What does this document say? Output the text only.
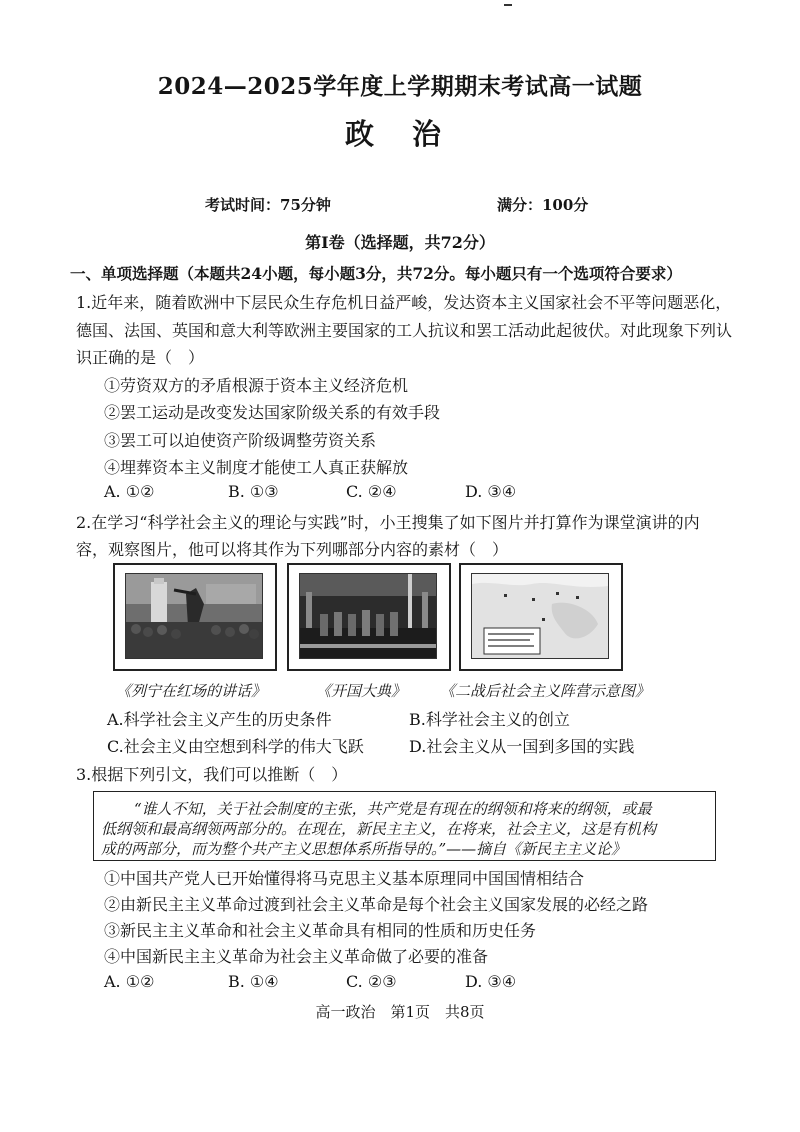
2024—2025学年度上学期期末考试高一试题
政 治
考试时间：75分钟	满分：100分
第Ⅰ卷（选择题，共72分）
一、单项选择题（本题共24小题，每小题3分，共72分。每小题只有一个选项符合要求）
1.近年来，随着欧洲中下层民众生存危机日益严峻，发达资本主义国家社会不平等问题恶化，
德国、法国、英国和意大利等欧洲主要国家的工人抗议和罢工活动此起彼伏。对此现象下列认
识正确的是（　）
①劳资双方的矛盾根源于资本主义经济危机
②罢工运动是改变发达国家阶级关系的有效手段
③罢工可以迫使资产阶级调整劳资关系
④埋葬资本主义制度才能使工人真正获解放
A. ①②	B. ①③	C. ②④	D. ③④
2.在学习“科学社会主义的理论与实践”时，小王搜集了如下图片并打算作为课堂演讲的内
容，观察图片，他可以将其作为下列哪部分内容的素材（　）
《列宁在红场的讲话》	《开国大典》 《二战后社会主义阵营示意图》
A.科学社会主义产生的历史条件	B.科学社会主义的创立
C.社会主义由空想到科学的伟大飞跃	D.社会主义从一国到多国的实践
3.根据下列引文，我们可以推断（　）
“谁人不知，关于社会制度的主张，共产党是有现在的纲领和将来的纲领，或最
低纲领和最高纲领两部分的。在现在，新民主主义，在将来，社会主义，这是有机构
成的两部分，而为整个共产主义思想体系所指导的。”——摘自《新民主主义论》
①中国共产党人已开始懂得将马克思主义基本原理同中国国情相结合
②由新民主主义革命过渡到社会主义革命是每个社会主义国家发展的必经之路
③新民主主义革命和社会主义革命具有相同的性质和历史任务
④中国新民主主义革命为社会主义革命做了必要的准备
A. ①②	B. ①④	C. ②③	D. ③④
高一政治　第1页　共8页
